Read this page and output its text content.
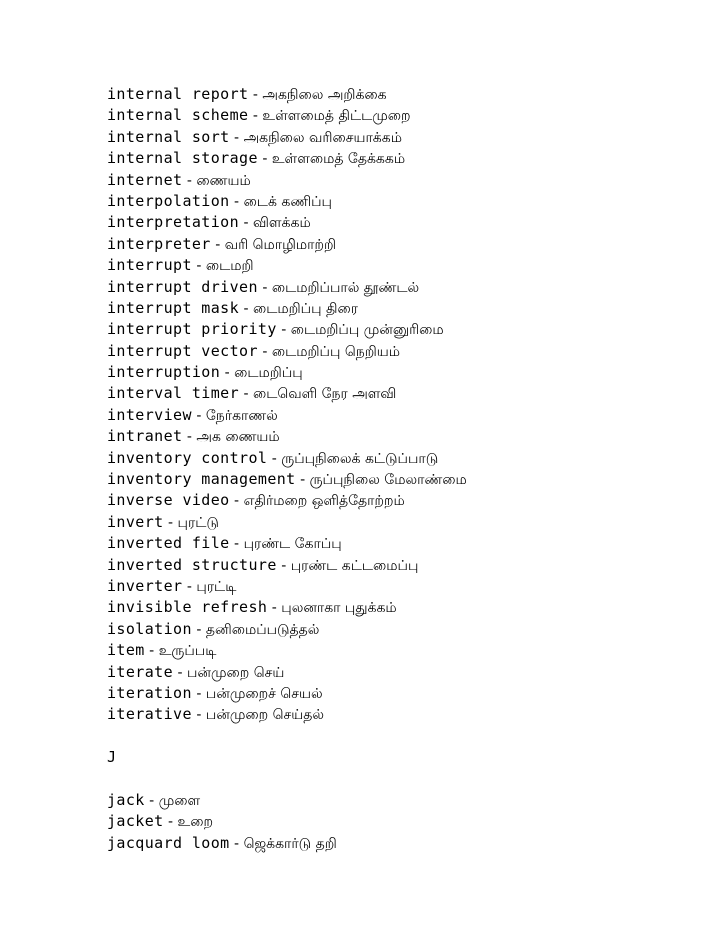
internal report - அகநிலை அறிக்கை
internal scheme - உள்ளமைத் திட்டமுறை
internal sort - அகநிலை வரிசையாக்கம்
internal storage - உள்ளமைத் தேக்ககம்
internet - ணையம்
interpolation - டைக் கணிப்பு
interpretation - விளக்கம்
interpreter - வரி மொழிமாற்றி
interrupt - டைமறி
interrupt driven - டைமறிப்பால் தூண்டல்
interrupt mask - டைமறிப்பு திரை
interrupt priority - டைமறிப்பு முன்னுரிமை
interrupt vector - டைமறிப்பு நெறியம்
interruption - டைமறிப்பு
interval timer - டைவெளி நேர அளவி
interview - நேர்காணல்
intranet - அக ணையம்
inventory control - ருப்புநிலைக் கட்டுப்பாடு
inventory management - ருப்புநிலை மேலாண்மை
inverse video - எதிர்மறை ஒளித்தோற்றம்
invert - புரட்டு
inverted file - புரண்ட கோப்பு
inverted structure - புரண்ட கட்டமைப்பு
inverter - புரட்டி
invisible refresh - புலனாகா புதுக்கம்
isolation - தனிமைப்படுத்தல்
item - உருப்படி
iterate - பன்முறை செய்
iteration - பன்முறைச் செயல்
iterative - பன்முறை செய்தல்
J
jack - முளை
jacket - உறை
jacquard loom - ஜெக்கார்டு தறி
